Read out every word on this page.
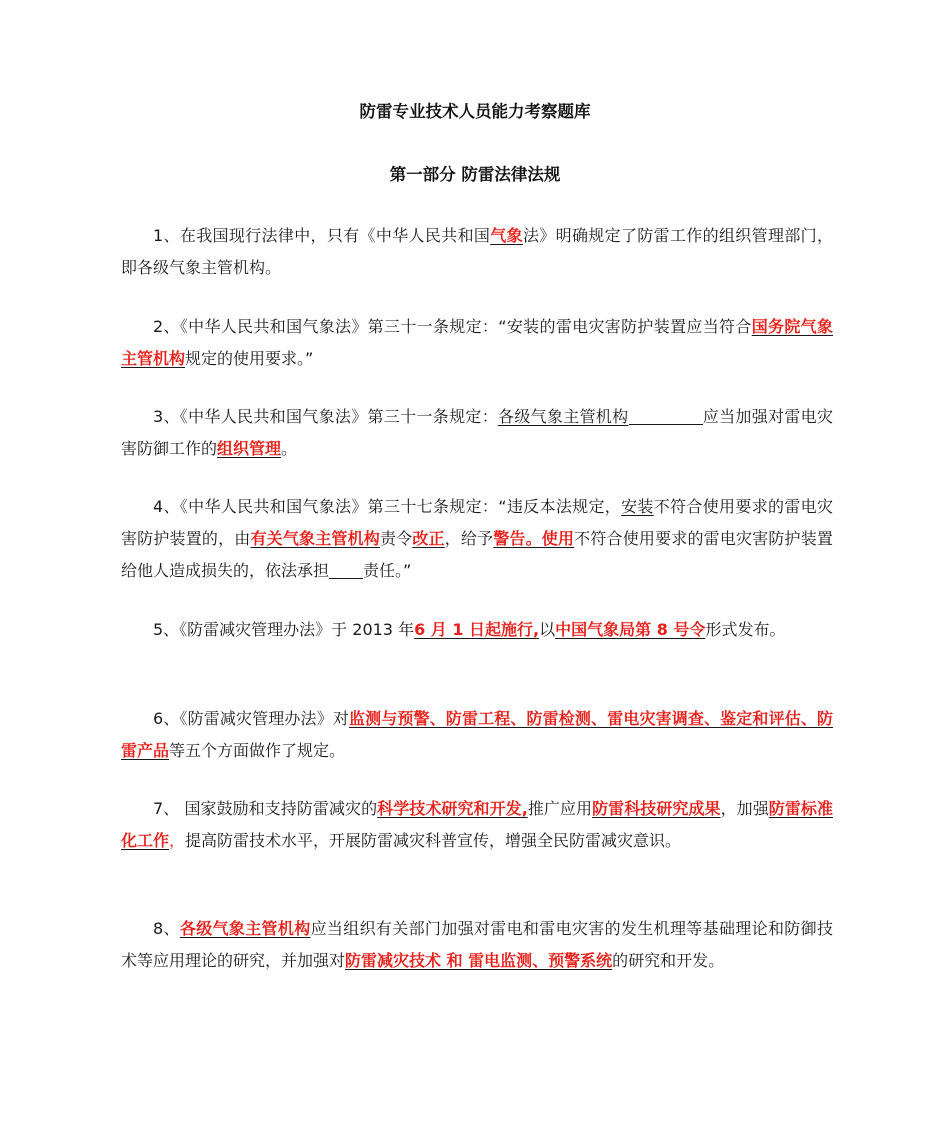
防雷专业技术人员能力考察题库
第一部分 防雷法律法规

1、在我国现行法律中，只有《中华人民共和国气象法》明确规定了防雷工作的组织管理部门，即各级气象主管机构。

2、《中华人民共和国气象法》第三十一条规定：“安装的雷电灾害防护装置应当符合国务院气象主管机构规定的使用要求。”

3、《中华人民共和国气象法》第三十一条规定：各级气象主管机构	应当加强对雷电灾害防御工作的组织管理。

4、《中华人民共和国气象法》第三十七条规定：“违反本法规定，安装不符合使用要求的雷电灾害防护装置的，由有关气象主管机构责令改正，给予警告。使用不符合使用要求的雷电灾害防护装置给他人造成损失的，依法承担 责任。”

5、《防雷减灾管理办法》于 2013 年6 月 1 日起施行,以中国气象局第 8 号令形式发布。

6、《防雷减灾管理办法》对监测与预警、防雷工程、防雷检测、雷电灾害调查、鉴定和评估、防雷产品等五个方面做作了规定。

7、 国家鼓励和支持防雷减灾的科学技术研究和开发,推广应用防雷科技研究成果，加强防雷标准化工作，提高防雷技术水平，开展防雷减灾科普宣传，增强全民防雷减灾意识。

8、各级气象主管机构应当组织有关部门加强对雷电和雷电灾害的发生机理等基础理论和防御技术等应用理论的研究，并加强对防雷减灾技术 和 雷电监测、预警系统的研究和开发。
